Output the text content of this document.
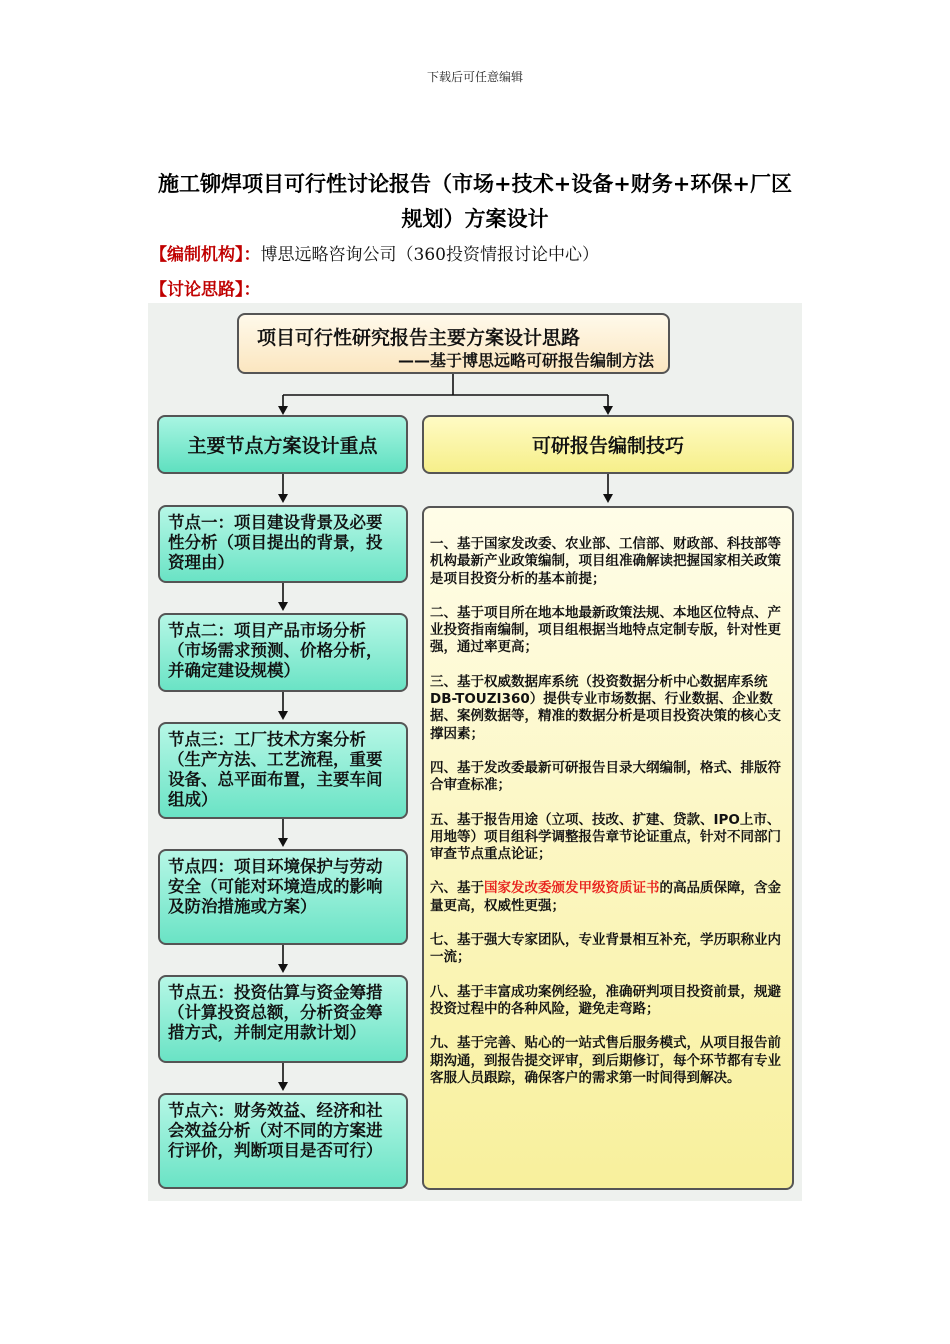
下载后可任意编辑
施工铆焊项目可行性讨论报告（市场+技术+设备+财务+环保+厂区规划）方案设计
【编制机构】：博思远略咨询公司（360投资情报讨论中心）
【讨论思路】：
项目可行性研究报告主要方案设计思路
——基于博思远略可研报告编制方法
主要节点方案设计重点	可研报告编制技巧
节点一：项目建设背景及必要性分析（项目提出的背景，投资理由）
节点二：项目产品市场分析（市场需求预测、价格分析，并确定建设规模）
节点三：工厂技术方案分析（生产方法、工艺流程，重要设备、总平面布置，主要车间组成）
节点四：项目环境保护与劳动安全（可能对环境造成的影响及防治措施或方案）
节点五：投资估算与资金筹措（计算投资总额，分析资金筹措方式，并制定用款计划）
节点六：财务效益、经济和社会效益分析（对不同的方案进行评价，判断项目是否可行）
一、基于国家发改委、农业部、工信部、财政部、科技部等机构最新产业政策编制，项目组准确解读把握国家相关政策是项目投资分析的基本前提；
二、基于项目所在地本地最新政策法规、本地区位特点、产业投资指南编制，项目组根据当地特点定制专版，针对性更强，通过率更高；
三、基于权威数据库系统（投资数据分析中心数据库系统DB-TOUZI360）提供专业市场数据、行业数据、企业数据、案例数据等，精准的数据分析是项目投资决策的核心支撑因素；
四、基于发改委最新可研报告目录大纲编制，格式、排版符合审查标准；
五、基于报告用途（立项、技改、扩建、贷款、IPO上市、用地等）项目组科学调整报告章节论证重点，针对不同部门审查节点重点论证；
六、基于国家发改委颁发甲级资质证书的高品质保障，含金量更高，权威性更强；
七、基于强大专家团队，专业背景相互补充，学历职称业内一流；
八、基于丰富成功案例经验，准确研判项目投资前景，规避投资过程中的各种风险，避免走弯路；
九、基于完善、贴心的一站式售后服务模式，从项目报告前期沟通，到报告提交评审，到后期修订，每个环节都有专业客服人员跟踪，确保客户的需求第一时间得到解决。
